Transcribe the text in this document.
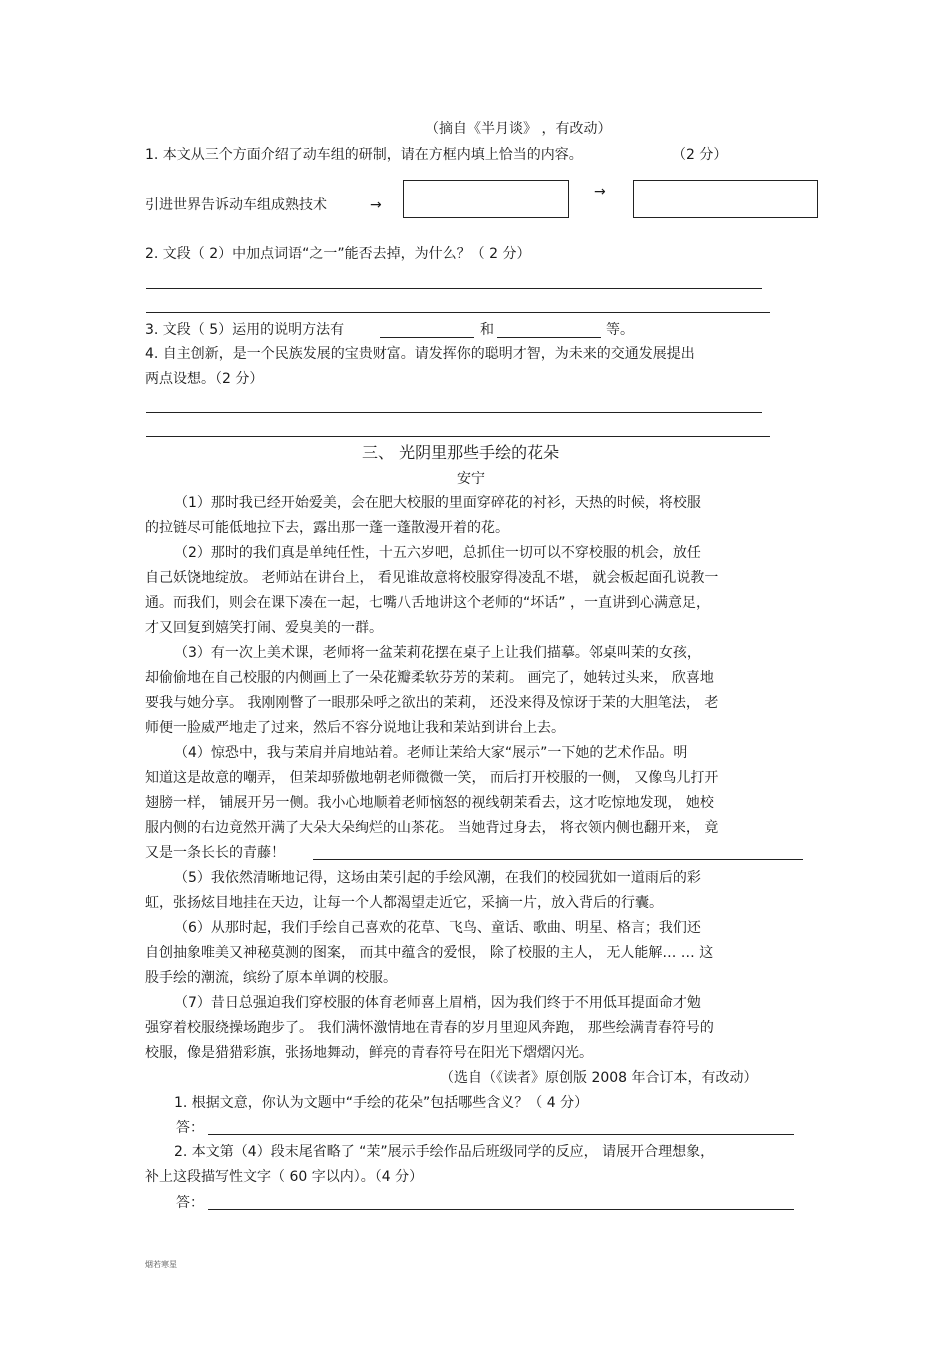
（摘自《半月谈》 ，有改动）
1. 本文从三个方面介绍了动车组的研制，请在方框内填上恰当的内容。	（2 分）
引进世界告诉动车组成熟技术	→
→
2. 文段（ 2）中加点词语“之一”能否去掉，为什么？（ 2 分）
3. 文段（ 5）运用的说明方法有	和	等。
4. 自主创新，是一个民族发展的宝贵财富。请发挥你的聪明才智，为未来的交通发展提出
两点设想。（2 分）
三、 光阴里那些手绘的花朵
安宁
（1）那时我已经开始爱美，会在肥大校服的里面穿碎花的衬衫，天热的时候，将校服
的拉链尽可能低地拉下去，露出那一蓬一蓬散漫开着的花。
（2）那时的我们真是单纯任性，十五六岁吧，总抓住一切可以不穿校服的机会，放任
自己妖饶地绽放。 老师站在讲台上， 看见谁故意将校服穿得凌乱不堪， 就会板起面孔说教一
通。而我们，则会在课下凑在一起，七嘴八舌地讲这个老师的“坏话” ，一直讲到心满意足，
才又回复到嬉笑打闹、爱臭美的一群。
（3）有一次上美术课，老师将一盆茉莉花摆在桌子上让我们描摹。邻桌叫茉的女孩，
却偷偷地在自己校服的内侧画上了一朵花瓣柔软芬芳的茉莉。 画完了，她转过头来， 欣喜地
要我与她分享。 我刚刚瞥了一眼那朵呼之欲出的茉莉， 还没来得及惊讶于茉的大胆笔法， 老
师便一脸威严地走了过来，然后不容分说地让我和茉站到讲台上去。
（4）惊恐中，我与茉肩并肩地站着。老师让茉给大家“展示”一下她的艺术作品。明
知道这是故意的嘲弄， 但茉却骄傲地朝老师微微一笑， 而后打开校服的一侧， 又像鸟儿打开
翅膀一样， 铺展开另一侧。我小心地顺着老师恼怒的视线朝茉看去，这才吃惊地发现， 她校
服内侧的右边竟然开满了大朵大朵绚烂的山茶花。 当她背过身去， 将衣领内侧也翻开来， 竟
又是一条长长的青藤！
（5）我依然清晰地记得，这场由茉引起的手绘风潮，在我们的校园犹如一道雨后的彩
虹，张扬炫目地挂在天边，让每一个人都渴望走近它，采摘一片，放入背后的行囊。
（6）从那时起，我们手绘自己喜欢的花草、飞鸟、童话、歌曲、明星、格言；我们还
自创抽象唯美又神秘莫测的图案， 而其中蕴含的爱恨， 除了校服的主人， 无人能解… … 这
股手绘的潮流，缤纷了原本单调的校服。
（7）昔日总强迫我们穿校服的体育老师喜上眉梢，因为我们终于不用低耳提面命才勉
强穿着校服绕操场跑步了。 我们满怀激情地在青春的岁月里迎风奔跑， 那些绘满青春符号的
校服，像是猎猎彩旗，张扬地舞动，鲜亮的青春符号在阳光下熠熠闪光。
（选自（《读者》原创版 2008 年合订本，有改动）
1. 根据文意，你认为文题中“手绘的花朵”包括哪些含义？（ 4 分）
答：
2. 本文第（4）段末尾省略了 “茉”展示手绘作品后班级同学的反应， 请展开合理想象，
补上这段描写性文字（ 60 字以内）。（4 分）
答：
烟若寒星
